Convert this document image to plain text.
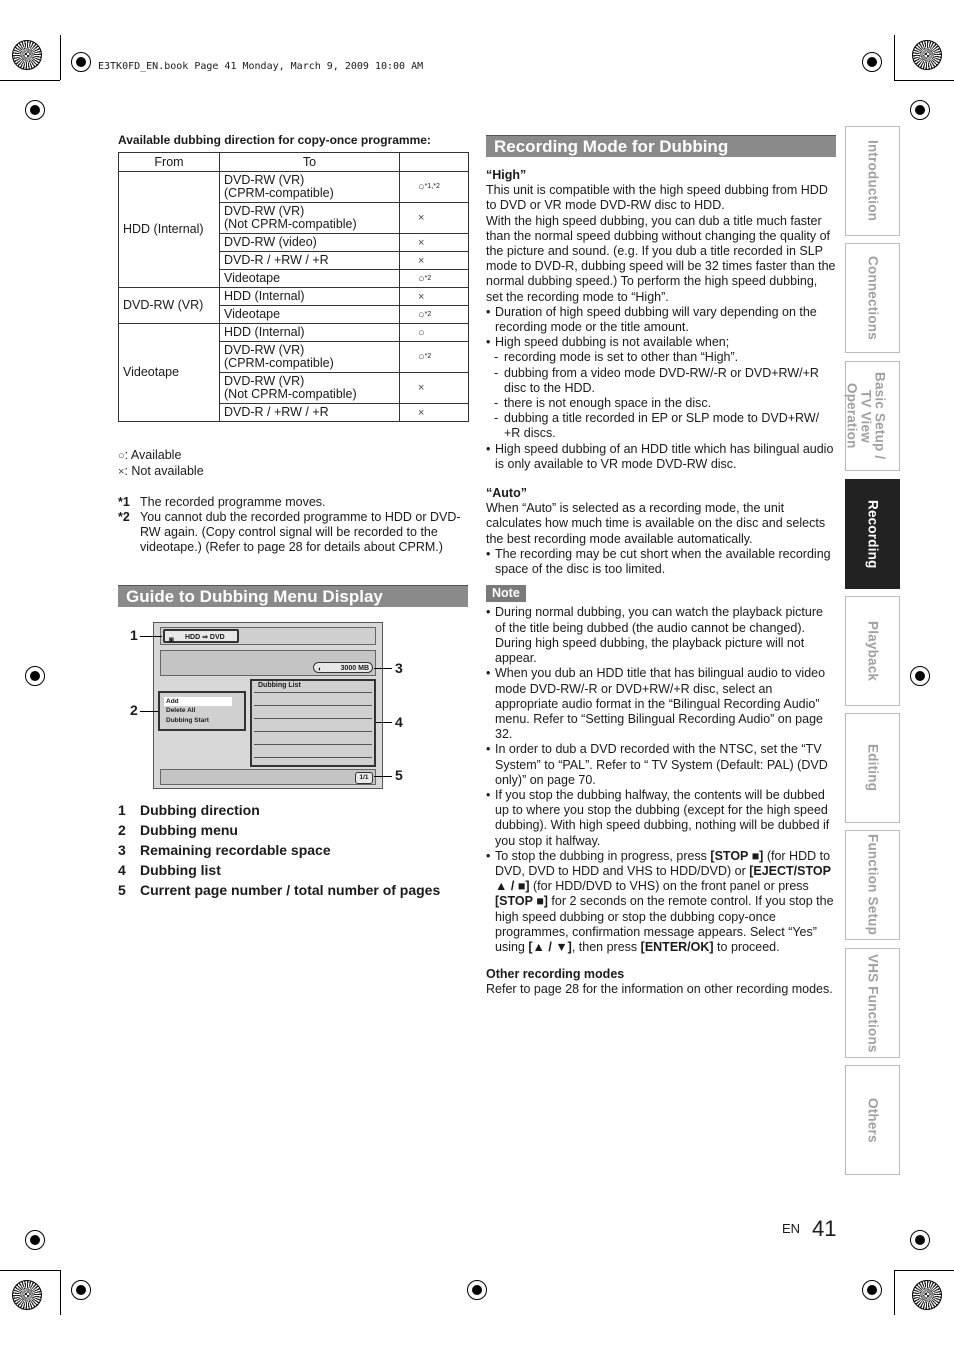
E3TK0FD_EN.book Page 41 Monday, March 9, 2009 10:00 AM
Available dubbing direction for copy-once programme:
From	To	
HDD (Internal)	DVD-RW (VR)
(CPRM-compatible)	○$^{*1,*2}$
	DVD-RW (VR)
(Not CPRM-compatible)	×
	DVD-RW (video)	×
	DVD-R / +RW / +R	×
	Videotape	○$^{*2}$
DVD-RW (VR)	HDD (Internal)	×
	Videotape	○$^{*2}$
Videotape	HDD (Internal)	○
	DVD-RW (VR)
(CPRM-compatible)	○$^{*2}$
	DVD-RW (VR)
(Not CPRM-compatible)	×
	DVD-R / +RW / +R	×
○: Available
×: Not available
*1 The recorded programme moves.
*2 You cannot dub the recorded programme to HDD or DVD-RW again. (Copy control signal will be recorded to the videotape.) (Refer to page 28 for details about CPRM.)
Guide to Dubbing Menu Display
◙ HDD ⇒ DVD
◐	3000 MB
Add
Delete All
Dubbing Start
Dubbing List
1/1
1
2
3
4
5
1	Dubbing direction
2	Dubbing menu
3	Remaining recordable space
4	Dubbing list
5	Current page number / total number of pages
Recording Mode for Dubbing

“High”

This unit is compatible with the high speed dubbing from HDD to DVD or VR mode DVD-RW disc to HDD.

With the high speed dubbing, you can dub a title much faster than the normal speed dubbing without changing the quality of the picture and sound. (e.g. If you dub a title recorded in SLP mode to DVD-R, dubbing speed will be 32 times faster than the normal dubbing speed.) To perform the high speed dubbing, set the recording mode to “High”.

• Duration of high speed dubbing will vary depending on the recording mode or the title amount.
• High speed dubbing is not available when;
- recording mode is set to other than “High”.
- dubbing from a video mode DVD-RW/-R or DVD+RW/+R disc to the HDD.
- there is not enough space in the disc.
- dubbing a title recorded in EP or SLP mode to DVD+RW/ +R discs.
• High speed dubbing of an HDD title which has bilingual audio is only available to VR mode DVD-RW disc.

“Auto”

When “Auto” is selected as a recording mode, the unit calculates how much time is available on the disc and selects the best recording mode available automatically.

• The recording may be cut short when the available recording space of the disc is too limited.
Note
• During normal dubbing, you can watch the playback picture of the title being dubbed (the audio cannot be changed). During high speed dubbing, the playback picture will not appear.
• When you dub an HDD title that has bilingual audio to video mode DVD-RW/-R or DVD+RW/+R disc, select an appropriate audio format in the “Bilingual Recording Audio” menu. Refer to “Setting Bilingual Recording Audio” on page 32.
• In order to dub a DVD recorded with the NTSC, set the “TV System” to “PAL”. Refer to “ TV System (Default: PAL) (DVD only)” on page 70.
• If you stop the dubbing halfway, the contents will be dubbed up to where you stop the dubbing (except for the high speed dubbing). With high speed dubbing, nothing will be dubbed if you stop it halfway.
• To stop the dubbing in progress, press [STOP ■] (for HDD to DVD, DVD to HDD and VHS to HDD/DVD) or [EJECT/STOP ▲ / ■] (for HDD/DVD to VHS) on the front panel or press [STOP ■] for 2 seconds on the remote control. If you stop the high speed dubbing or stop the dubbing copy-once programmes, confirmation message appears. Select “Yes” using [▲ / ▼], then press [ENTER/OK] to proceed.

Other recording modes

Refer to page 28 for the information on other recording modes.

Introduction
Connections
Basic Setup / TV View Operation
Recording
Playback
Editing
Function Setup
VHS Functions
Others
EN 41
